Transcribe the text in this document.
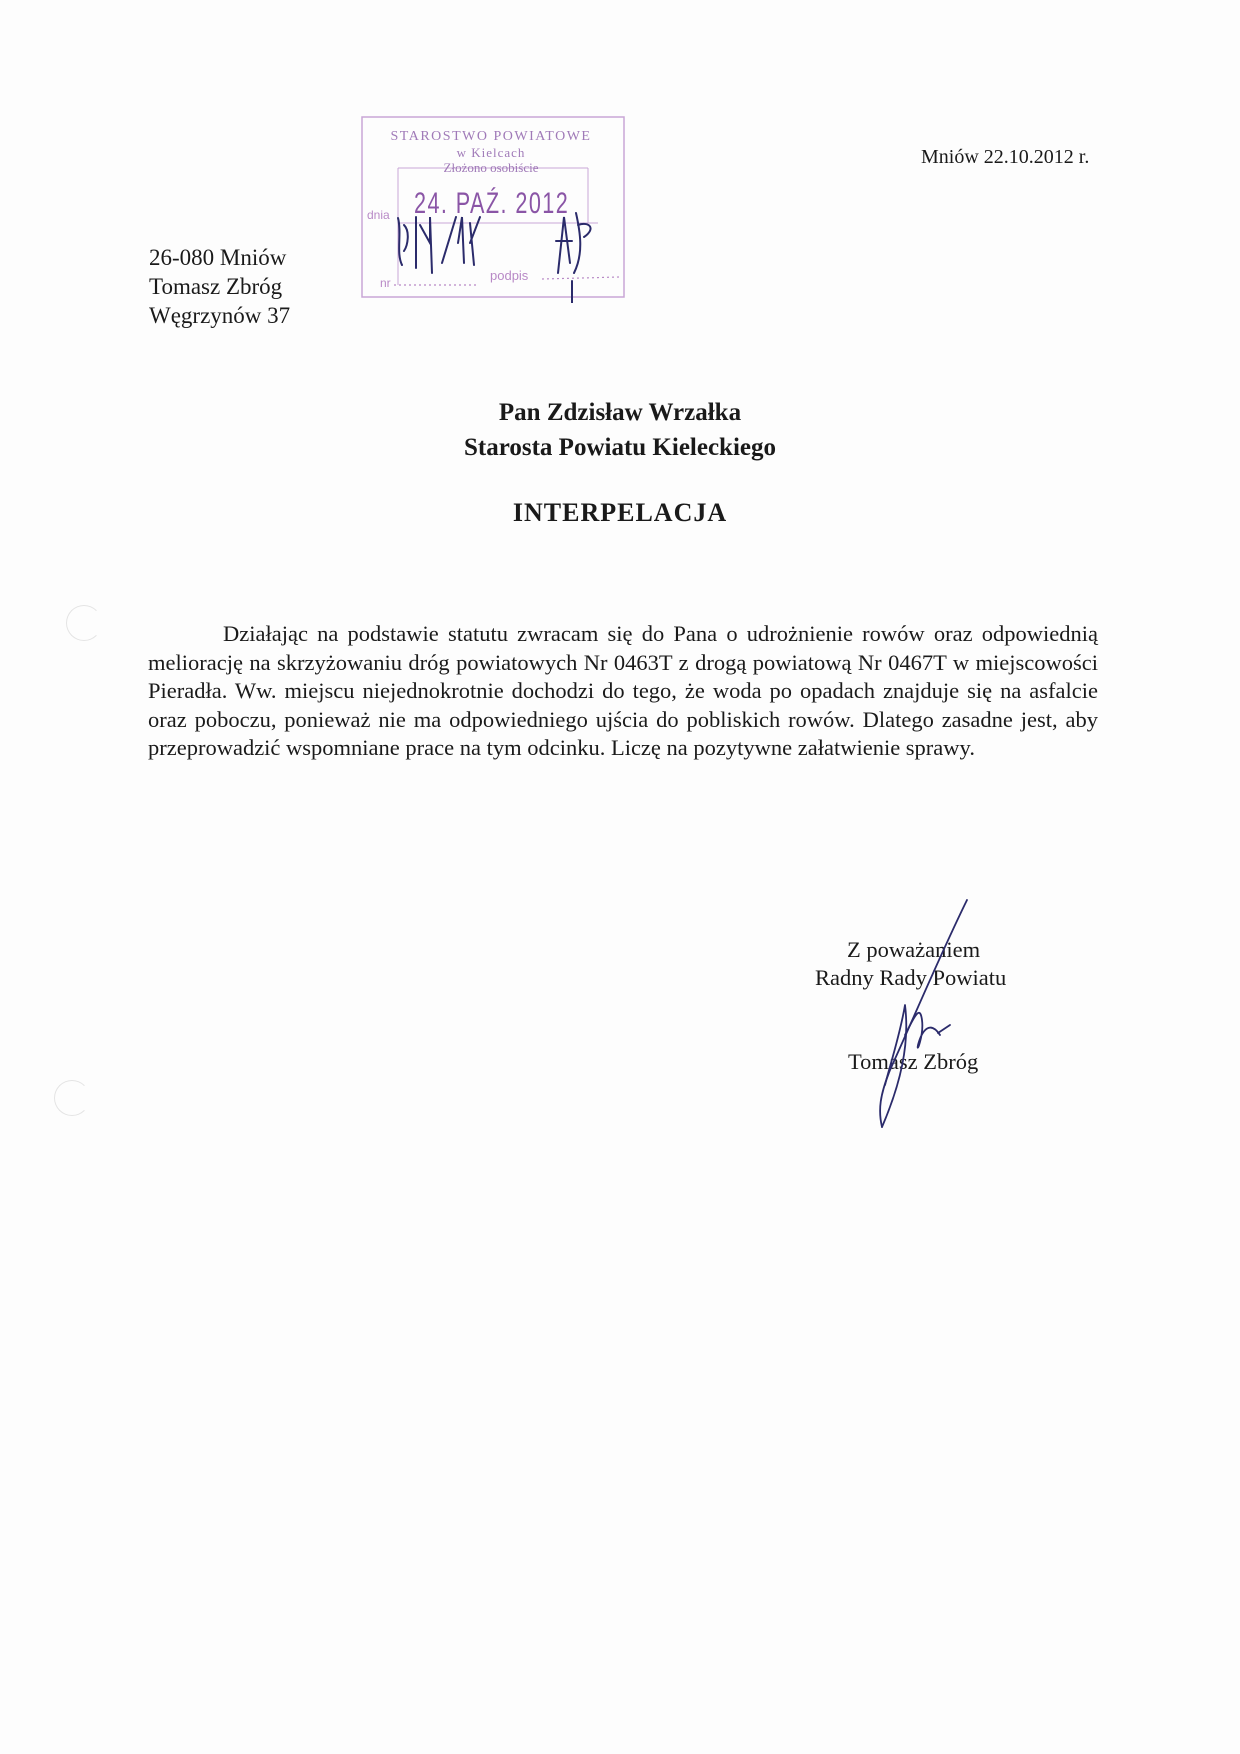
Mniów 22.10.2012 r.
26-080 Mniów
Tomasz Zbróg
Węgrzynów 37
STAROSTWO POWIATOWE
w Kielcach
Złożono osobiście
dnia 24. PAŹ. 2012
nr	podpis
Pan Zdzisław Wrzałka
Starosta Powiatu Kieleckiego
INTERPELACJA
Działając na podstawie statutu zwracam się do Pana o udrożnienie rowów oraz odpowiednią meliorację na skrzyżowaniu dróg powiatowych Nr 0463T z drogą powiatową Nr 0467T w miejscowości Pieradła. Ww. miejscu niejednokrotnie dochodzi do tego, że woda po opadach znajduje się na asfalcie oraz poboczu, ponieważ nie ma odpowiedniego ujścia do pobliskich rowów. Dlatego zasadne jest, aby przeprowadzić wspomniane prace na tym odcinku. Liczę na pozytywne załatwienie sprawy.
Z poważaniem
Radny Rady Powiatu
Tomasz Zbróg
